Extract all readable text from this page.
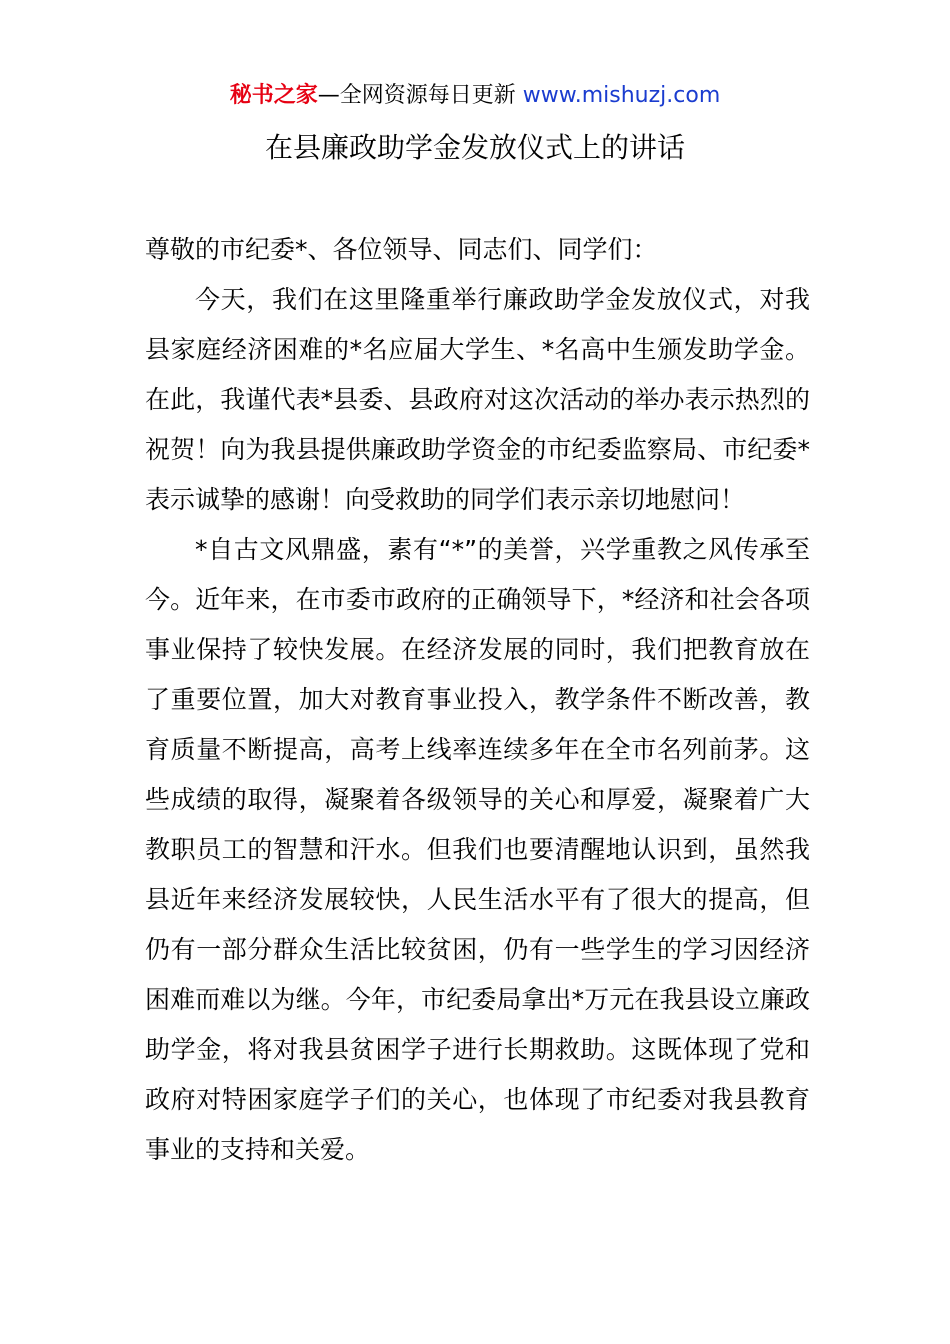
秘书之家—全网资源每日更新 www.mishuzj.com
在县廉政助学金发放仪式上的讲话

尊敬的市纪委*、各位领导、同志们、同学们：

今天，我们在这里隆重举行廉政助学金发放仪式，对我县家庭经济困难的*名应届大学生、*名高中生颁发助学金。在此，我谨代表*县委、县政府对这次活动的举办表示热烈的祝贺！向为我县提供廉政助学资金的市纪委监察局、市纪委*表示诚挚的感谢！向受救助的同学们表示亲切地慰问！

*自古文风鼎盛，素有“*”的美誉，兴学重教之风传承至今。近年来，在市委市政府的正确领导下，*经济和社会各项事业保持了较快发展。在经济发展的同时，我们把教育放在了重要位置，加大对教育事业投入，教学条件不断改善，教育质量不断提高，高考上线率连续多年在全市名列前茅。这些成绩的取得，凝聚着各级领导的关心和厚爱，凝聚着广大教职员工的智慧和汗水。但我们也要清醒地认识到，虽然我县近年来经济发展较快，人民生活水平有了很大的提高，但仍有一部分群众生活比较贫困，仍有一些学生的学习因经济困难而难以为继。今年，市纪委局拿出*万元在我县设立廉政助学金，将对我县贫困学子进行长期救助。这既体现了党和政府对特困家庭学子们的关心，也体现了市纪委对我县教育事业的支持和关爱。
